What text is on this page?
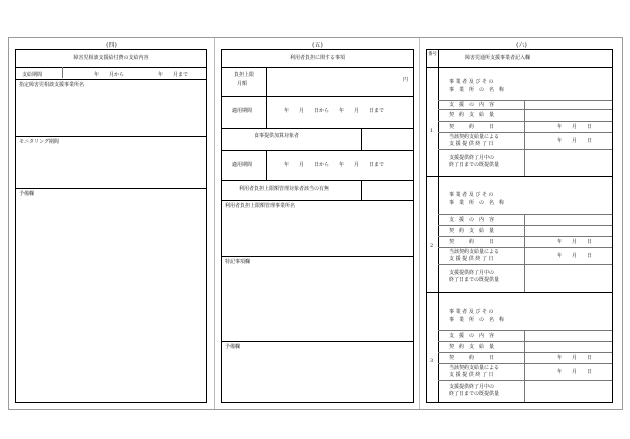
(四)
障害児相談支援給付費の支給内容
支給期間	年　　月から	年　　月まで
指定障害児相談支援事業所名
モニタリング期間
予備欄
(五)
利用者負担に関する事項
負担上限
月額
円
適用期間	年　　月　　日から　　年　　月　　日まで
食事提供加算対象者
適用期間	年　　月　　日から　　年　　月　　日まで
利用者負担上限額管理対象者該当の有無
利用者負担上限額管理事業所名
特記事項欄
予備欄
(六)
番号
障害児通所支援事業者記入欄
1
事 業 者 及 び そ の
事　業　所　の　名　称
支　援　の　内　容
契　約　支　給　量
契　　　約　　　日	年　　月　　日
当該契約支給量による
支 援 提 供 終 了 日	年　　月　　日
支援提供終了月中の
終了日までの既提供量
2
事 業 者 及 び そ の
事　業　所　の　名　称
支　援　の　内　容
契　約　支　給　量
契　　　約　　　日	年　　月　　日
当該契約支給量による
支 援 提 供 終 了 日	年　　月　　日
支援提供終了月中の
終了日までの既提供量
3
事 業 者 及 び そ の
事　業　所　の　名　称
支　援　の　内　容
契　約　支　給　量
契　　　約　　　日	年　　月　　日
当該契約支給量による
支 援 提 供 終 了 日	年　　月　　日
支援提供終了月中の
終了日までの既提供量
